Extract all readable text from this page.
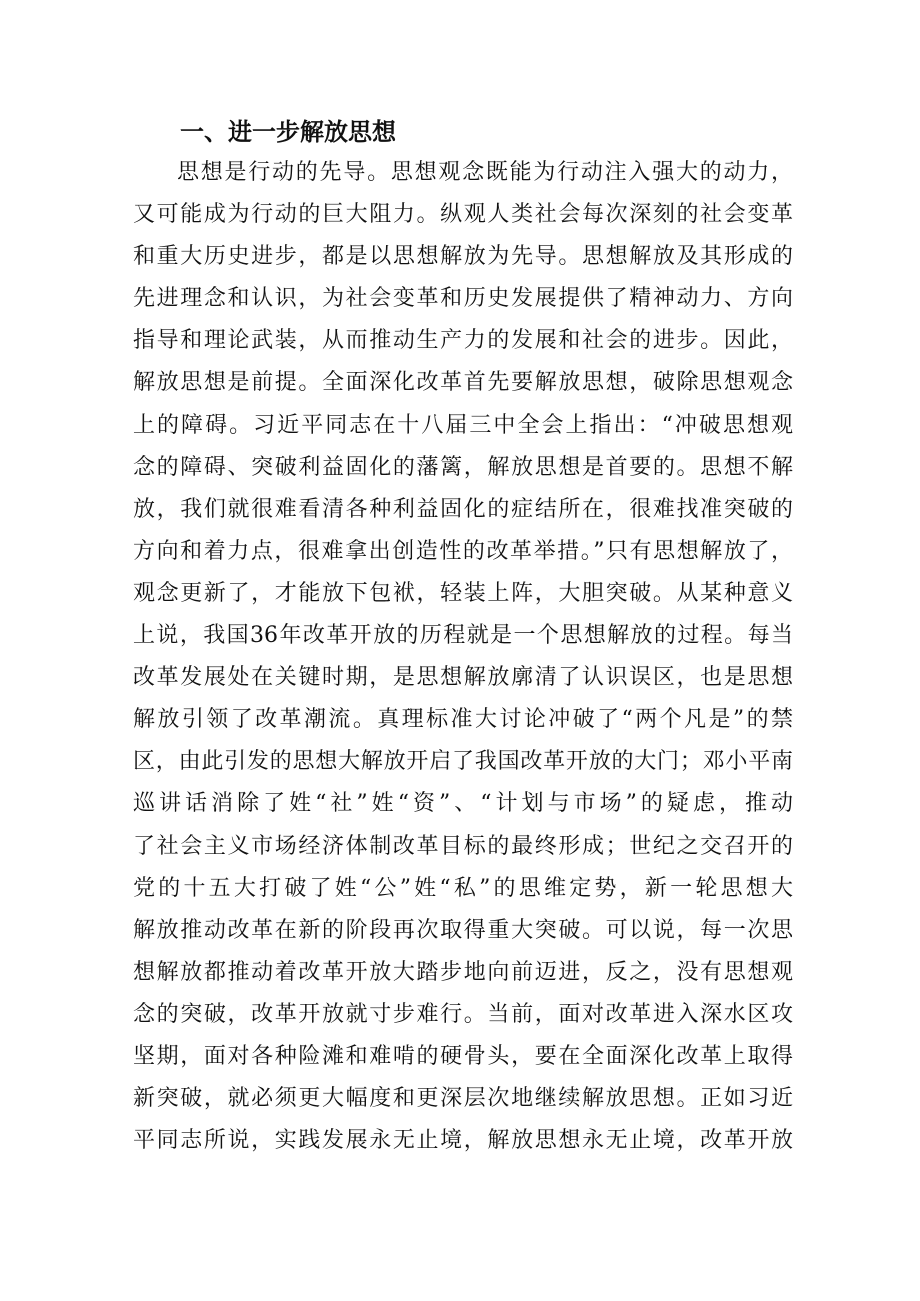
一、进一步解放思想
思想是行动的先导。思想观念既能为行动注入强大的动力，
又可能成为行动的巨大阻力。纵观人类社会每次深刻的社会变革
和重大历史进步，都是以思想解放为先导。思想解放及其形成的
先进理念和认识，为社会变革和历史发展提供了精神动力、方向
指导和理论武装，从而推动生产力的发展和社会的进步。因此，
解放思想是前提。全面深化改革首先要解放思想，破除思想观念
上的障碍。习近平同志在十八届三中全会上指出：“冲破思想观
念的障碍、突破利益固化的藩篱，解放思想是首要的。思想不解
放，我们就很难看清各种利益固化的症结所在，很难找准突破的
方向和着力点，很难拿出创造性的改革举措。”只有思想解放了，
观念更新了，才能放下包袱，轻装上阵，大胆突破。从某种意义
上说，我国36年改革开放的历程就是一个思想解放的过程。每当
改革发展处在关键时期，是思想解放廓清了认识误区，也是思想
解放引领了改革潮流。真理标准大讨论冲破了“两个凡是”的禁
区，由此引发的思想大解放开启了我国改革开放的大门；邓小平南
巡讲话消除了姓“社”姓“资”、“计划与市场”的疑虑，推动
了社会主义市场经济体制改革目标的最终形成；世纪之交召开的
党的十五大打破了姓“公”姓“私”的思维定势，新一轮思想大
解放推动改革在新的阶段再次取得重大突破。可以说，每一次思
想解放都推动着改革开放大踏步地向前迈进，反之，没有思想观
念的突破，改革开放就寸步难行。当前，面对改革进入深水区攻
坚期，面对各种险滩和难啃的硬骨头，要在全面深化改革上取得
新突破，就必须更大幅度和更深层次地继续解放思想。正如习近
平同志所说，实践发展永无止境，解放思想永无止境，改革开放
